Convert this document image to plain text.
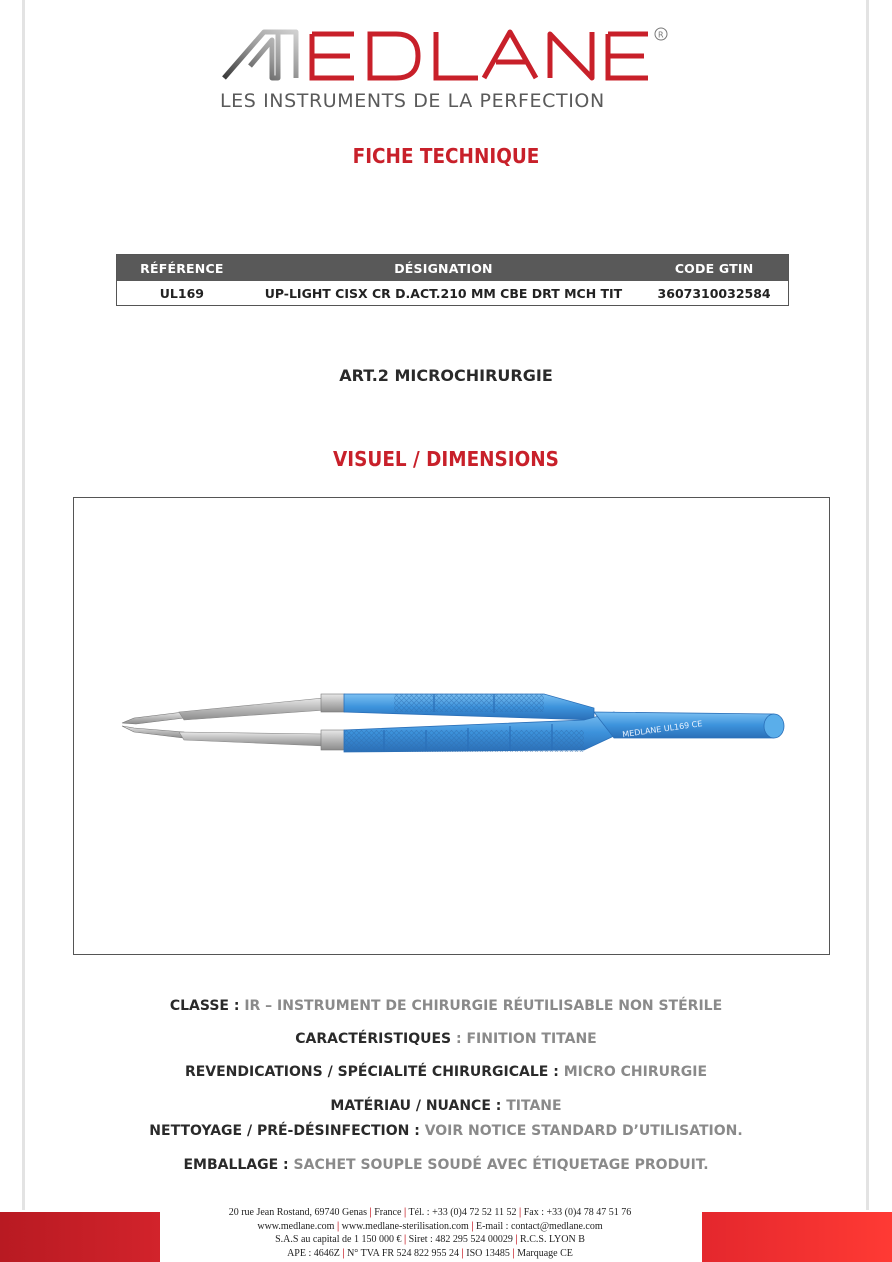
R
LES INSTRUMENTS DE LA PERFECTION
FICHE TECHNIQUE
RÉFÉRENCE	DÉSIGNATION	CODE GTIN
UL169	UP-LIGHT CISX CR D.ACT.210 MM CBE DRT MCH TIT	3607310032584
ART.2 MICROCHIRURGIE
VISUEL / DIMENSIONS
MEDLANE UL169 CE
CLASSE : IR – INSTRUMENT DE CHIRURGIE RÉUTILISABLE NON STÉRILE
CARACTÉRISTIQUES : FINITION TITANE
REVENDICATIONS / SPÉCIALITÉ CHIRURGICALE : MICRO CHIRURGIE
MATÉRIAU / NUANCE : TITANE
NETTOYAGE / PRÉ-DÉSINFECTION : VOIR NOTICE STANDARD D’UTILISATION.
EMBALLAGE : SACHET SOUPLE SOUDÉ AVEC ÉTIQUETAGE PRODUIT.
20 rue Jean Rostand, 69740 Genas | France | Tél. : +33 (0)4 72 52 11 52 | Fax : +33 (0)4 78 47 51 76
www.medlane.com | www.medlane-sterilisation.com | E-mail : contact@medlane.com
S.A.S au capital de 1 150 000 € | Siret : 482 295 524 00029 | R.C.S. LYON B
APE : 4646Z | N° TVA FR 524 822 955 24 | ISO 13485 | Marquage CE
